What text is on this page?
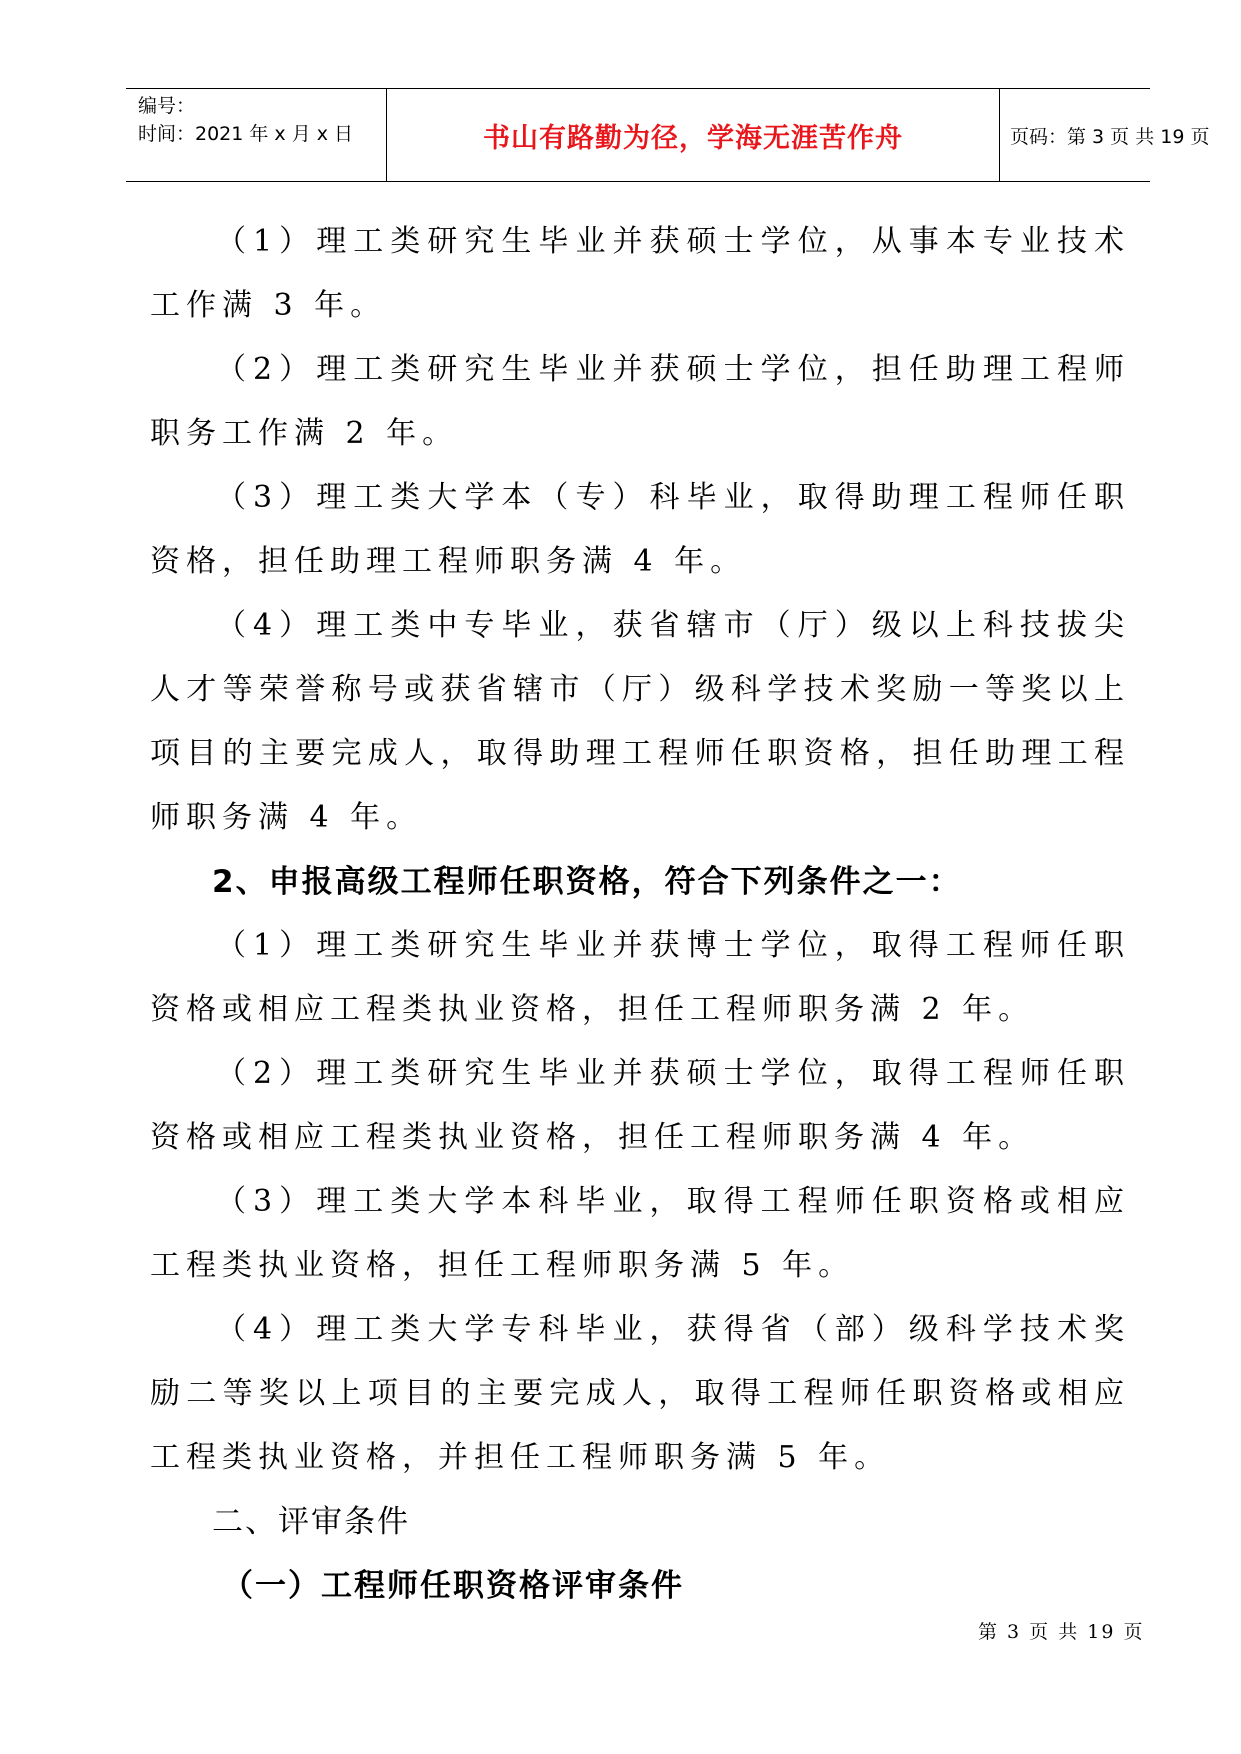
编号：
时间：2021 年 x 月 x 日	书山有路勤为径，学海无涯苦作舟	页码：第 3 页 共 19 页

（1）理工类研究生毕业并获硕士学位，从事本专业技术工作满 3 年。

（2）理工类研究生毕业并获硕士学位，担任助理工程师职务工作满 2 年。

（3）理工类大学本（专）科毕业，取得助理工程师任职资格，担任助理工程师职务满 4 年。

（4）理工类中专毕业，获省辖市（厅）级以上科技拔尖人才等荣誉称号或获省辖市（厅）级科学技术奖励一等奖以上项目的主要完成人，取得助理工程师任职资格，担任助理工程师职务满 4 年。

2、申报高级工程师任职资格，符合下列条件之一：

（1）理工类研究生毕业并获博士学位，取得工程师任职资格或相应工程类执业资格，担任工程师职务满 2 年。

（2）理工类研究生毕业并获硕士学位，取得工程师任职资格或相应工程类执业资格，担任工程师职务满 4 年。

（3）理工类大学本科毕业，取得工程师任职资格或相应工程类执业资格，担任工程师职务满 5 年。

（4）理工类大学专科毕业，获得省（部）级科学技术奖励二等奖以上项目的主要完成人，取得工程师任职资格或相应工程类执业资格，并担任工程师职务满 5 年。

二、评审条件

（一）工程师任职资格评审条件

第 3 页 共 19 页
